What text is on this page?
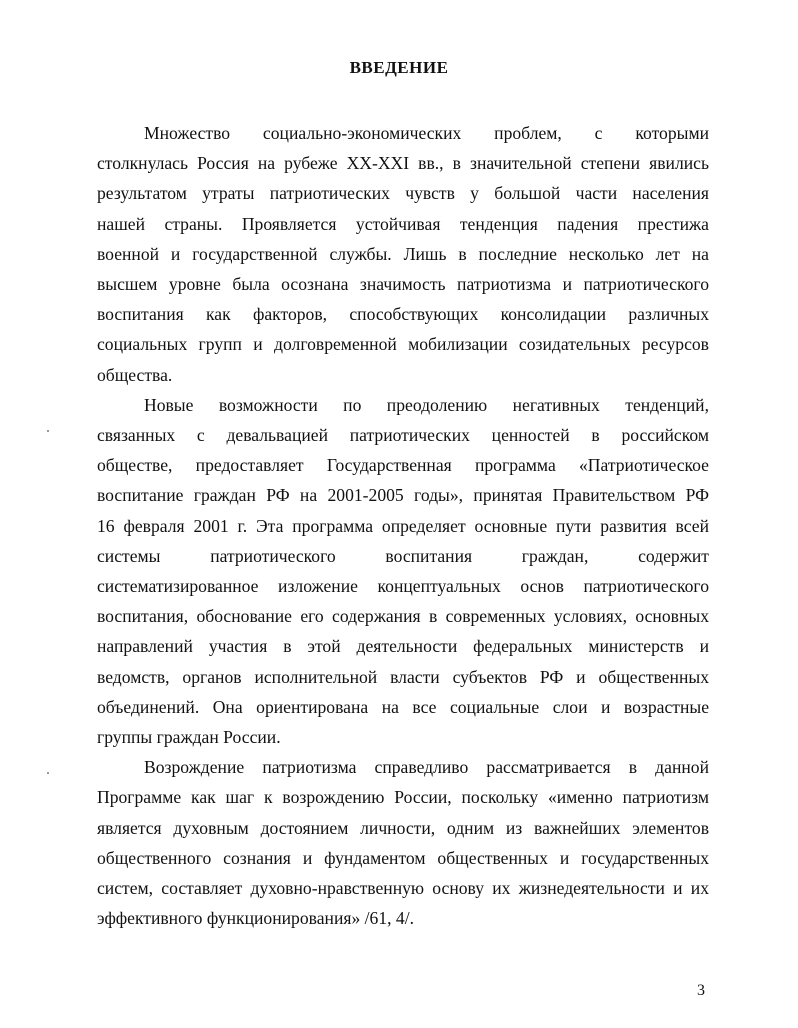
ВВЕДЕНИЕ

Множество социально-экономических проблем, с которыми
столкнулась Россия на рубеже XX-XXI вв., в значительной степени явились
результатом утраты патриотических чувств у большой части населения
нашей страны. Проявляется устойчивая тенденция падения престижа
военной и государственной службы. Лишь в последние несколько лет на
высшем уровне была осознана значимость патриотизма и патриотического
воспитания как факторов, способствующих консолидации различных
социальных групп и долговременной мобилизации созидательных ресурсов
общества.

Новые возможности по преодолению негативных тенденций,
связанных с девальвацией патриотических ценностей в российском
обществе, предоставляет Государственная программа «Патриотическое
воспитание граждан РФ на 2001-2005 годы», принятая Правительством РФ
16 февраля 2001 г. Эта программа определяет основные пути развития всей
системы патриотического воспитания граждан, содержит
систематизированное изложение концептуальных основ патриотического
воспитания, обоснование его содержания в современных условиях, основных
направлений участия в этой деятельности федеральных министерств и
ведомств, органов исполнительной власти субъектов РФ и общественных
объединений. Она ориентирована на все социальные слои и возрастные
группы граждан России.

Возрождение патриотизма справедливо рассматривается в данной
Программе как шаг к возрождению России, поскольку «именно патриотизм
является духовным достоянием личности, одним из важнейших элементов
общественного сознания и фундаментом общественных и государственных
систем, составляет духовно-нравственную основу их жизнедеятельности и их
эффективного функционирования» /61, 4/.

3
